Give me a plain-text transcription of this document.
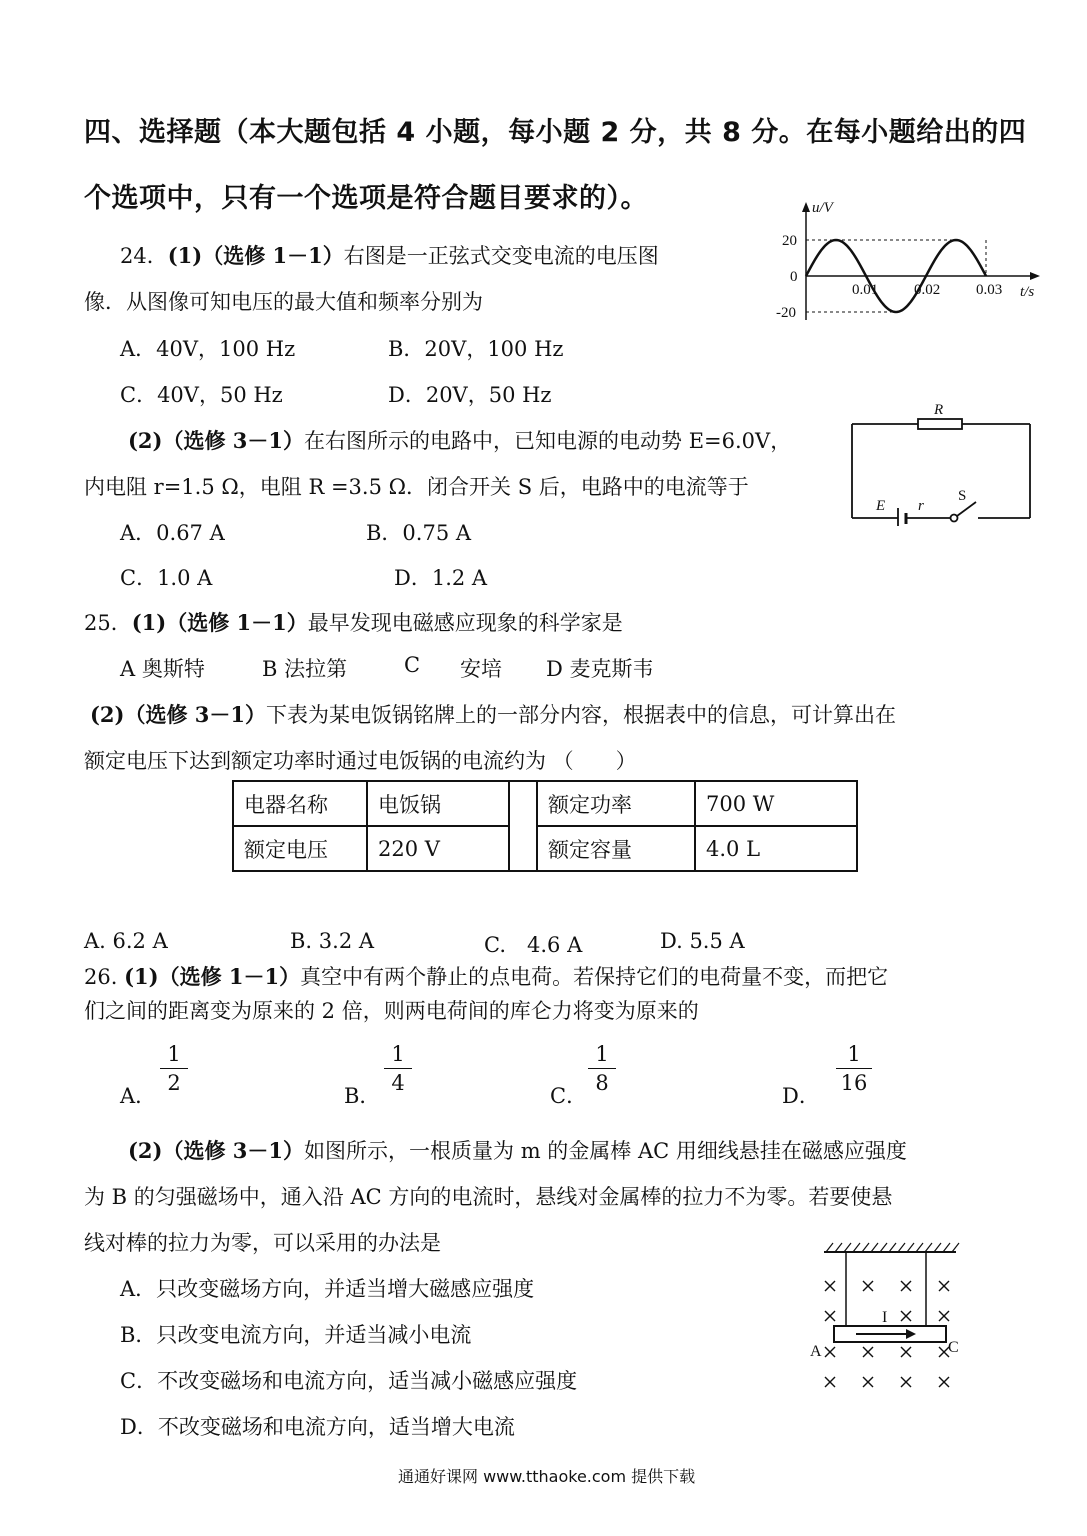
四、选择题（本大题包括 4 小题，每小题 2 分，共 8 分。在每小题给出的四
个选项中，只有一个选项是符合题目要求的）。
24．(1)（选修 1－1）右图是一正弦式交变电流的电压图
像．从图像可知电压的最大值和频率分别为
A．40V，100 Hz	B．20V，100 Hz
C．40V，50 Hz	D．20V，50 Hz
(2)（选修 3－1）在右图所示的电路中，已知电源的电动势 E=6.0V，
内电阻 r=1.5 Ω，电阻 R =3.5 Ω．闭合开关 S 后，电路中的电流等于
A．0.67 A	B．0.75 A
C．1.0 A	D．1.2 A
u/V
t/s
20
0
-20
0.01 0.02 0.03
R
E r
S
25．(1)（选修 1－1）最早发现电磁感应现象的科学家是
A 奥斯特	B 法拉第	C 安培 D 麦克斯韦
(2)（选修 3－1）下表为某电饭锅铭牌上的一部分内容，根据表中的信息，可计算出在
额定电压下达到额定功率时通过电饭锅的电流约为 （　　）
电器名称	电饭锅		额定功率	700 W
额定电压	220 V		额定容量	4.0 L
A. 6.2 A	B. 3.2 A	C.　4.6 A	D. 5.5 A
26. (1)（选修 1－1）真空中有两个静止的点电荷。若保持它们的电荷量不变，而把它
们之间的距离变为原来的 2 倍，则两电荷间的库仑力将变为原来的
A．
1
2
B．
1
4
C．
1
8
D．
1
16
(2)（选修 3－1）如图所示，一根质量为 m 的金属棒 AC 用细线悬挂在磁感应强度
为 B 的匀强磁场中，通入沿 AC 方向的电流时，悬线对金属棒的拉力不为零。若要使悬
线对棒的拉力为零，可以采用的办法是
A．只改变磁场方向，并适当增大磁感应强度
B．只改变电流方向，并适当减小电流
C．不改变磁场和电流方向，适当减小磁感应强度
D．不改变磁场和电流方向，适当增大电流
I
A	C
通通好课网 www.tthaoke.com 提供下载
